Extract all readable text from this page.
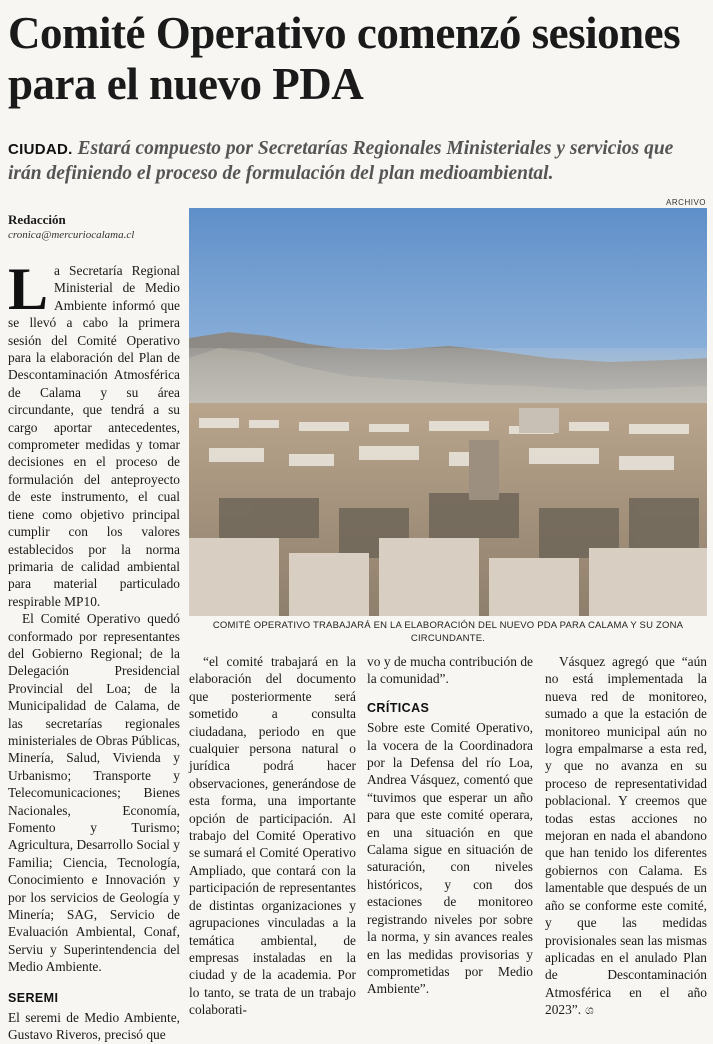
Comité Operativo comenzó sesiones para el nuevo PDA
CIUDAD. Estará compuesto por Secretarías Regionales Ministeriales y servicios que irán definiendo el proceso de formulación del plan medioambiental.
Redacción
cronica@mercuriocalama.cl
ARCHIVO
COMITÉ OPERATIVO TRABAJARÁ EN LA ELABORACIÓN DEL NUEVO PDA PARA CALAMA Y SU ZONA CIRCUNDANTE.

La Secretaría Regional Ministerial de Medio Ambiente informó que se llevó a cabo la primera sesión del Comité Operativo para la elaboración del Plan de Descontaminación Atmosférica de Calama y su área circundante, que tendrá a su cargo aportar antecedentes, comprometer medidas y tomar decisiones en el proceso de formulación del anteproyecto de este instrumento, el cual tiene como objetivo principal cumplir con los valores establecidos por la norma primaria de calidad ambiental para material particulado respirable MP10.

El Comité Operativo quedó conformado por representantes del Gobierno Regional; de la Delegación Presidencial Provincial del Loa; de la Municipalidad de Calama, de las secretarías regionales ministeriales de Obras Públicas, Minería, Salud, Vivienda y Urbanismo; Transporte y Telecomunicaciones; Bienes Nacionales, Economía, Fomento y Turismo; Agricultura, Desarrollo Social y Familia; Ciencia, Tecnología, Conocimiento e Innovación y por los servicios de Geología y Minería; SAG, Servicio de Evaluación Ambiental, Conaf, Serviu y Superintendencia del Medio Ambiente.

SEREMI

El seremi de Medio Ambiente, Gustavo Riveros, precisó que

“el comité trabajará en la elaboración del documento que posteriormente será sometido a consulta ciudadana, periodo en que cualquier persona natural o jurídica podrá hacer observaciones, generándose de esta forma, una importante opción de participación. Al trabajo del Comité Operativo se sumará el Comité Operativo Ampliado, que contará con la participación de representantes de distintas organizaciones y agrupaciones vinculadas a la temática ambiental, de empresas instaladas en la ciudad y de la academia. Por lo tanto, se trata de un trabajo colaborati-

vo y de mucha contribución de la comunidad”.

CRÍTICAS

Sobre este Comité Operativo, la vocera de la Coordinadora por la Defensa del río Loa, Andrea Vásquez, comentó que “tuvimos que esperar un año para que este comité operara, en una situación en que Calama sigue en situación de saturación, con niveles históricos, y con dos estaciones de monitoreo registrando niveles por sobre la norma, y sin avances reales en las medidas provisorias y comprometidas por Medio Ambiente”.

Vásquez agregó que “aún no está implementada la nueva red de monitoreo, sumado a que la estación de monitoreo municipal aún no logra empalmarse a esta red, y que no avanza en su proceso de representatividad poblacional. Y creemos que todas estas acciones no mejoran en nada el abandono que han tenido los diferentes gobiernos con Calama. Es lamentable que después de un año se conforme este comité, y que las medidas provisionales sean las mismas aplicadas en el anulado Plan de Descontaminación Atmosférica en el año 2023”. ශ
